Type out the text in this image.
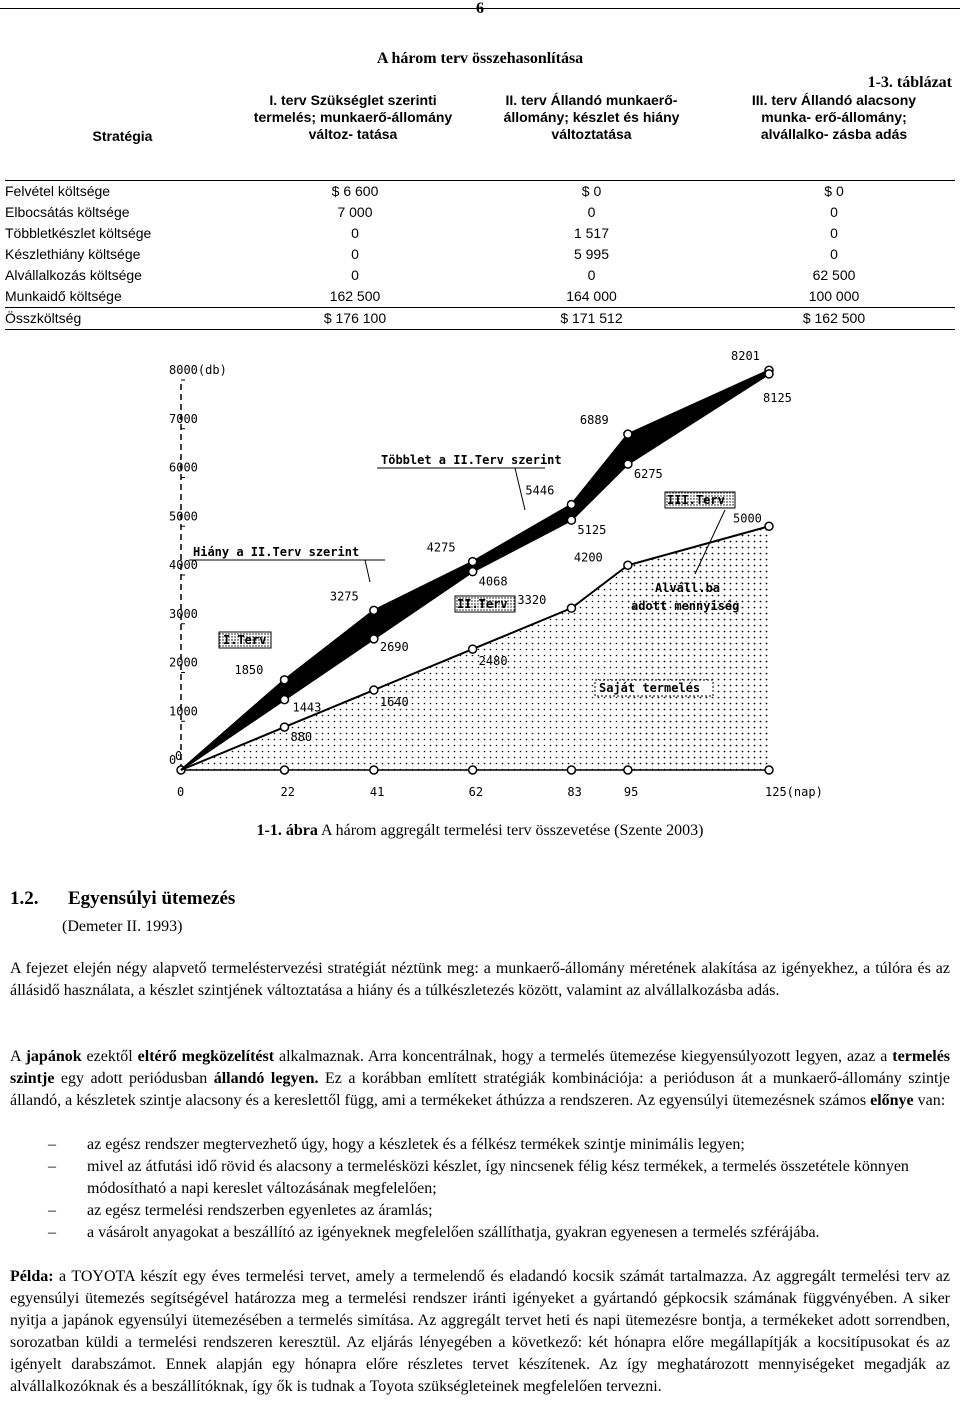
6
A három terv összehasonlítása
1-3. táblázat
Stratégia	I. terv Szükséglet szerinti termelés; munkaerő-állomány változ- tatása	II. terv Állandó munkaerő- állomány; készlet és hiány változtatása	III. terv Állandó alacsony munka- erő-állomány; alvállalko- zásba adás
Felvétel költsége	$ 6 600	$ 0	$ 0
Elbocsátás költsége	7 000	0	0
Többletkészlet költsége	0	1 517	0
Készlethiány költsége	0	5 995	0
Alvállalkozás költsége	0	0	62 500
Munkaidő költsége	162 500	164 000	100 000
Összköltség	$ 176 100	$ 171 512	$ 162 500
0
1000
2000
3000
4000
5000
6000
7000
8000(db)
0	22	41	62	83	95	125(nap)
0
1850
3275
4275
5446
6889
8201
1443
2690
4068
5125
6275
8125
880
1640
2480
3320
4200
5000
Többlet a II.Terv szerint
Hiány a II.Terv szerint
I.Terv
II.Terv
III.Terv
Alváll.ba
adott mennyiség
Saját termelés
1-1. ábra A három aggregált termelési terv összevetése (Szente 2003)
1.2. Egyensúlyi ütemezés
(Demeter II. 1993)
A fejezet elején négy alapvető termeléstervezési stratégiát néztünk meg: a munkaerő-állomány méretének alakítása az igényekhez, a túlóra és az állásidő használata, a készlet szintjének változtatása a hiány és a túlkészletezés között, valamint az alvállalkozásba adás.
A japánok ezektől eltérő megközelítést alkalmaznak. Arra koncentrálnak, hogy a termelés ütemezése kiegyensúlyozott legyen, azaz a termelés szintje egy adott periódusban állandó legyen. Ez a korábban említett stratégiák kombinációja: a perióduson át a munkaerő-állomány szintje állandó, a készletek szintje alacsony és a kereslettől függ, ami a termékeket áthúzza a rendszeren. Az egyensúlyi ütemezésnek számos előnye van:
– az egész rendszer megtervezhető úgy, hogy a készletek és a félkész termékek szintje minimális legyen;
– mivel az átfutási idő rövid és alacsony a termelésközi készlet, így nincsenek félig kész termékek, a termelés összetétele könnyen módosítható a napi kereslet változásának megfelelően;
– az egész termelési rendszerben egyenletes az áramlás;
– a vásárolt anyagokat a beszállító az igényeknek megfelelően szállíthatja, gyakran egyenesen a termelés szférájába.
Példa: a TOYOTA készít egy éves termelési tervet, amely a termelendő és eladandó kocsik számát tartalmazza. Az aggregált termelési terv az egyensúlyi ütemezés segítségével határozza meg a termelési rendszer iránti igényeket a gyártandó gépkocsik számának függvényében. A siker nyitja a japánok egyensúlyi ütemezésében a termelés simítása. Az aggregált tervet heti és napi ütemezésre bontja, a termékeket adott sorrendben, sorozatban küldi a termelési rendszeren keresztül. Az eljárás lényegében a következő: két hónapra előre megállapítják a kocsitípusokat és az igényelt darabszámot. Ennek alapján egy hónapra előre részletes tervet készítenek. Az így meghatározott mennyiségeket megadják az alvállalkozóknak és a beszállítóknak, így ők is tudnak a Toyota szükségleteinek megfelelően tervezni.
